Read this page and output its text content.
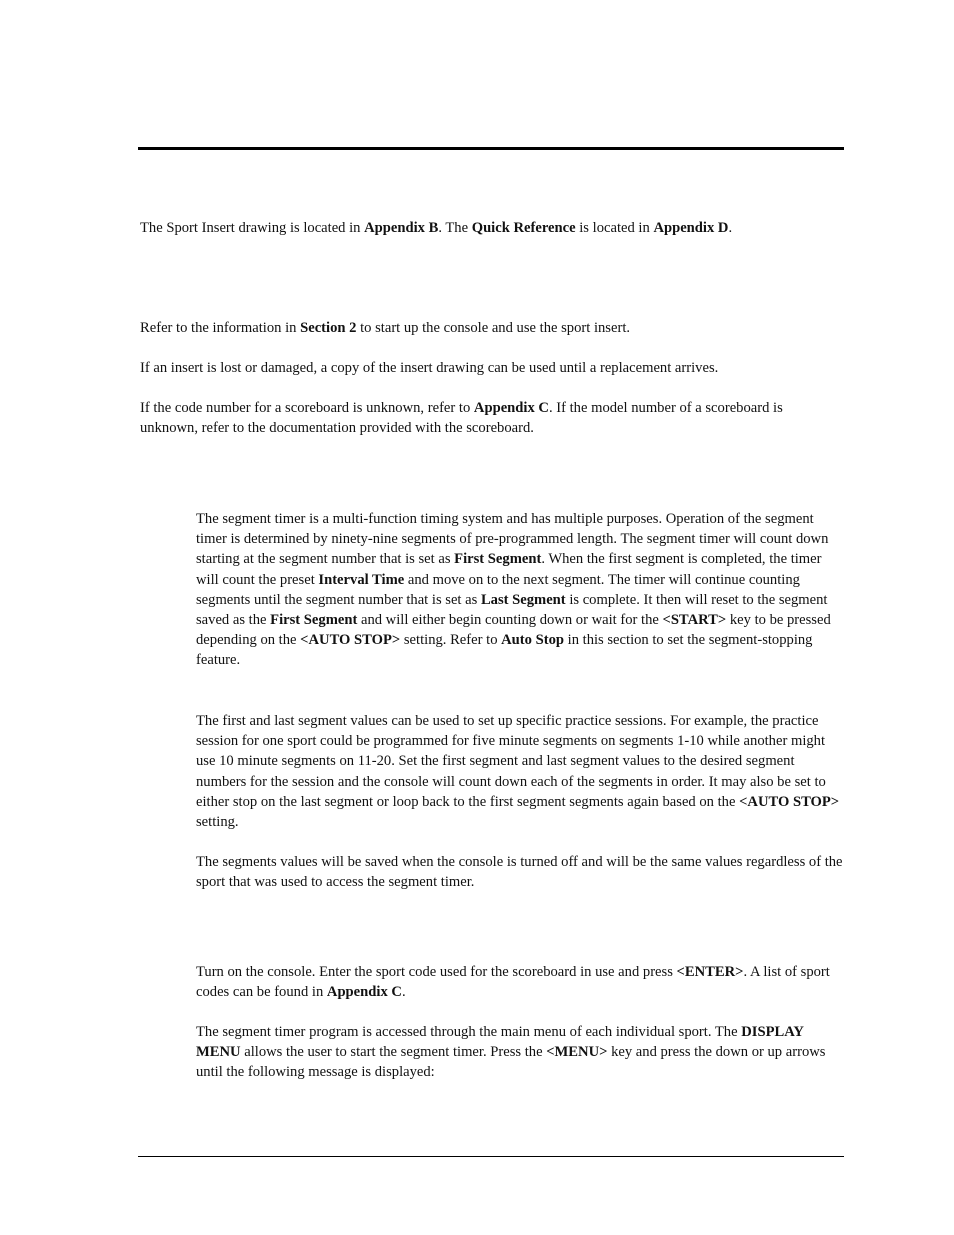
The Sport Insert drawing is located in Appendix B. The Quick Reference is located in Appendix D.

Refer to the information in Section 2 to start up the console and use the sport insert.

If an insert is lost or damaged, a copy of the insert drawing can be used until a replacement arrives.

If the code number for a scoreboard is unknown, refer to Appendix C. If the model number of a scoreboard is unknown, refer to the documentation provided with the scoreboard.

The segment timer is a multi-function timing system and has multiple purposes. Operation of the segment timer is determined by ninety-nine segments of pre-programmed length. The segment timer will count down starting at the segment number that is set as First Segment. When the first segment is completed, the timer will count the preset Interval Time and move on to the next segment. The timer will continue counting segments until the segment number that is set as Last Segment is complete. It then will reset to the segment saved as the First Segment and will either begin counting down or wait for the <START> key to be pressed depending on the <AUTO STOP> setting. Refer to Auto Stop in this section to set the segment-stopping feature.

The first and last segment values can be used to set up specific practice sessions. For example, the practice session for one sport could be programmed for five minute segments on segments 1-10 while another might use 10 minute segments on 11-20. Set the first segment and last segment values to the desired segment numbers for the session and the console will count down each of the segments in order. It may also be set to either stop on the last segment or loop back to the first segment segments again based on the <AUTO STOP> setting.

The segments values will be saved when the console is turned off and will be the same values regardless of the sport that was used to access the segment timer.

Turn on the console. Enter the sport code used for the scoreboard in use and press <ENTER>. A list of sport codes can be found in Appendix C.

The segment timer program is accessed through the main menu of each individual sport. The DISPLAY MENU allows the user to start the segment timer. Press the <MENU> key and press the down or up arrows until the following message is displayed:
